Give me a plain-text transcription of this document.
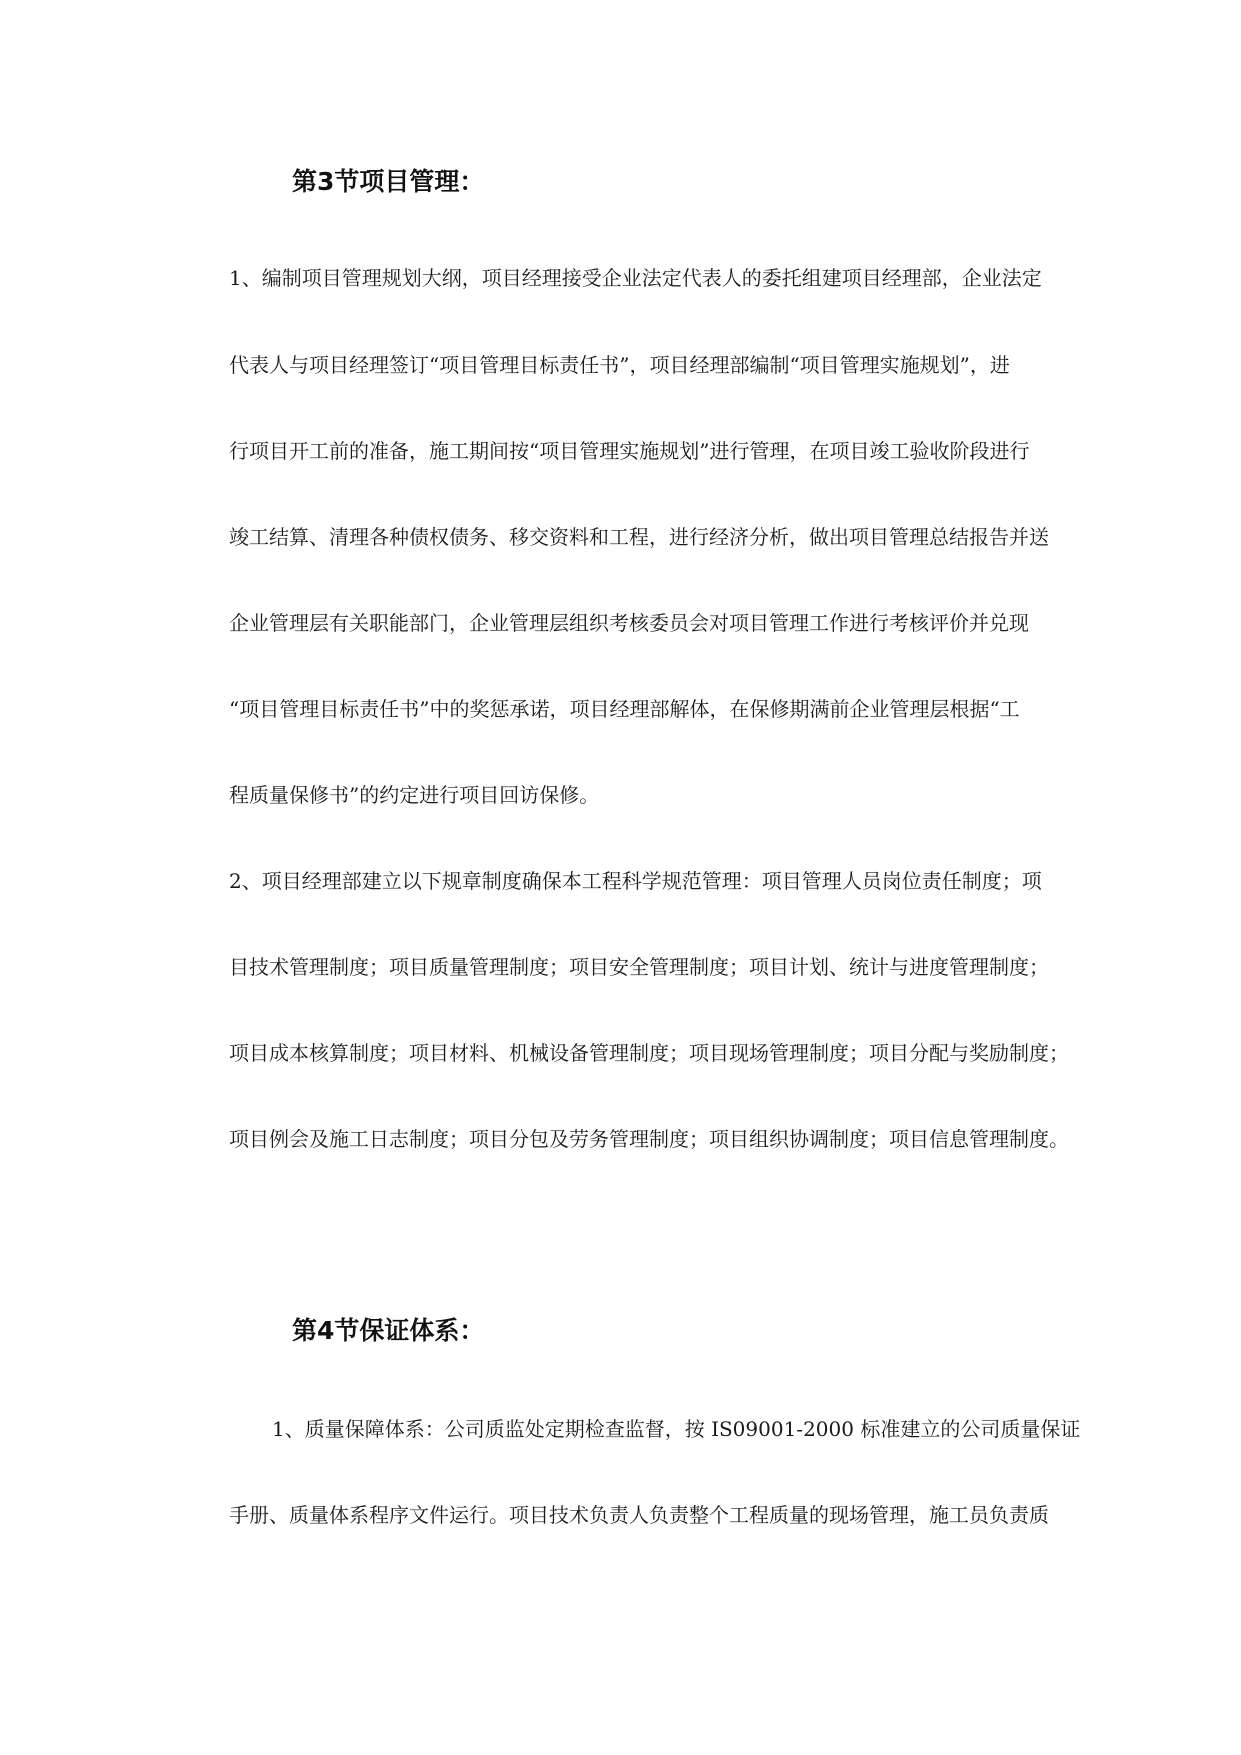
第3节项目管理：

1、编制项目管理规划大纲，项目经理接受企业法定代表人的委托组建项目经理部，企业法定

代表人与项目经理签订“项目管理目标责任书”，项目经理部编制“项目管理实施规划”，进

行项目开工前的准备，施工期间按“项目管理实施规划”进行管理，在项目竣工验收阶段进行

竣工结算、清理各种债权债务、移交资料和工程，进行经济分析，做出项目管理总结报告并送

企业管理层有关职能部门，企业管理层组织考核委员会对项目管理工作进行考核评价并兑现

“项目管理目标责任书”中的奖惩承诺，项目经理部解体，在保修期满前企业管理层根据“工

程质量保修书”的约定进行项目回访保修。

2、项目经理部建立以下规章制度确保本工程科学规范管理：项目管理人员岗位责任制度；项

目技术管理制度；项目质量管理制度；项目安全管理制度；项目计划、统计与进度管理制度；

项目成本核算制度；项目材料、机械设备管理制度；项目现场管理制度；项目分配与奖励制度；

项目例会及施工日志制度；项目分包及劳务管理制度；项目组织协调制度；项目信息管理制度。

第4节保证体系：

1、质量保障体系：公司质监处定期检查监督，按 IS09001-2000 标准建立的公司质量保证

手册、质量体系程序文件运行。项目技术负责人负责整个工程质量的现场管理，施工员负责质
